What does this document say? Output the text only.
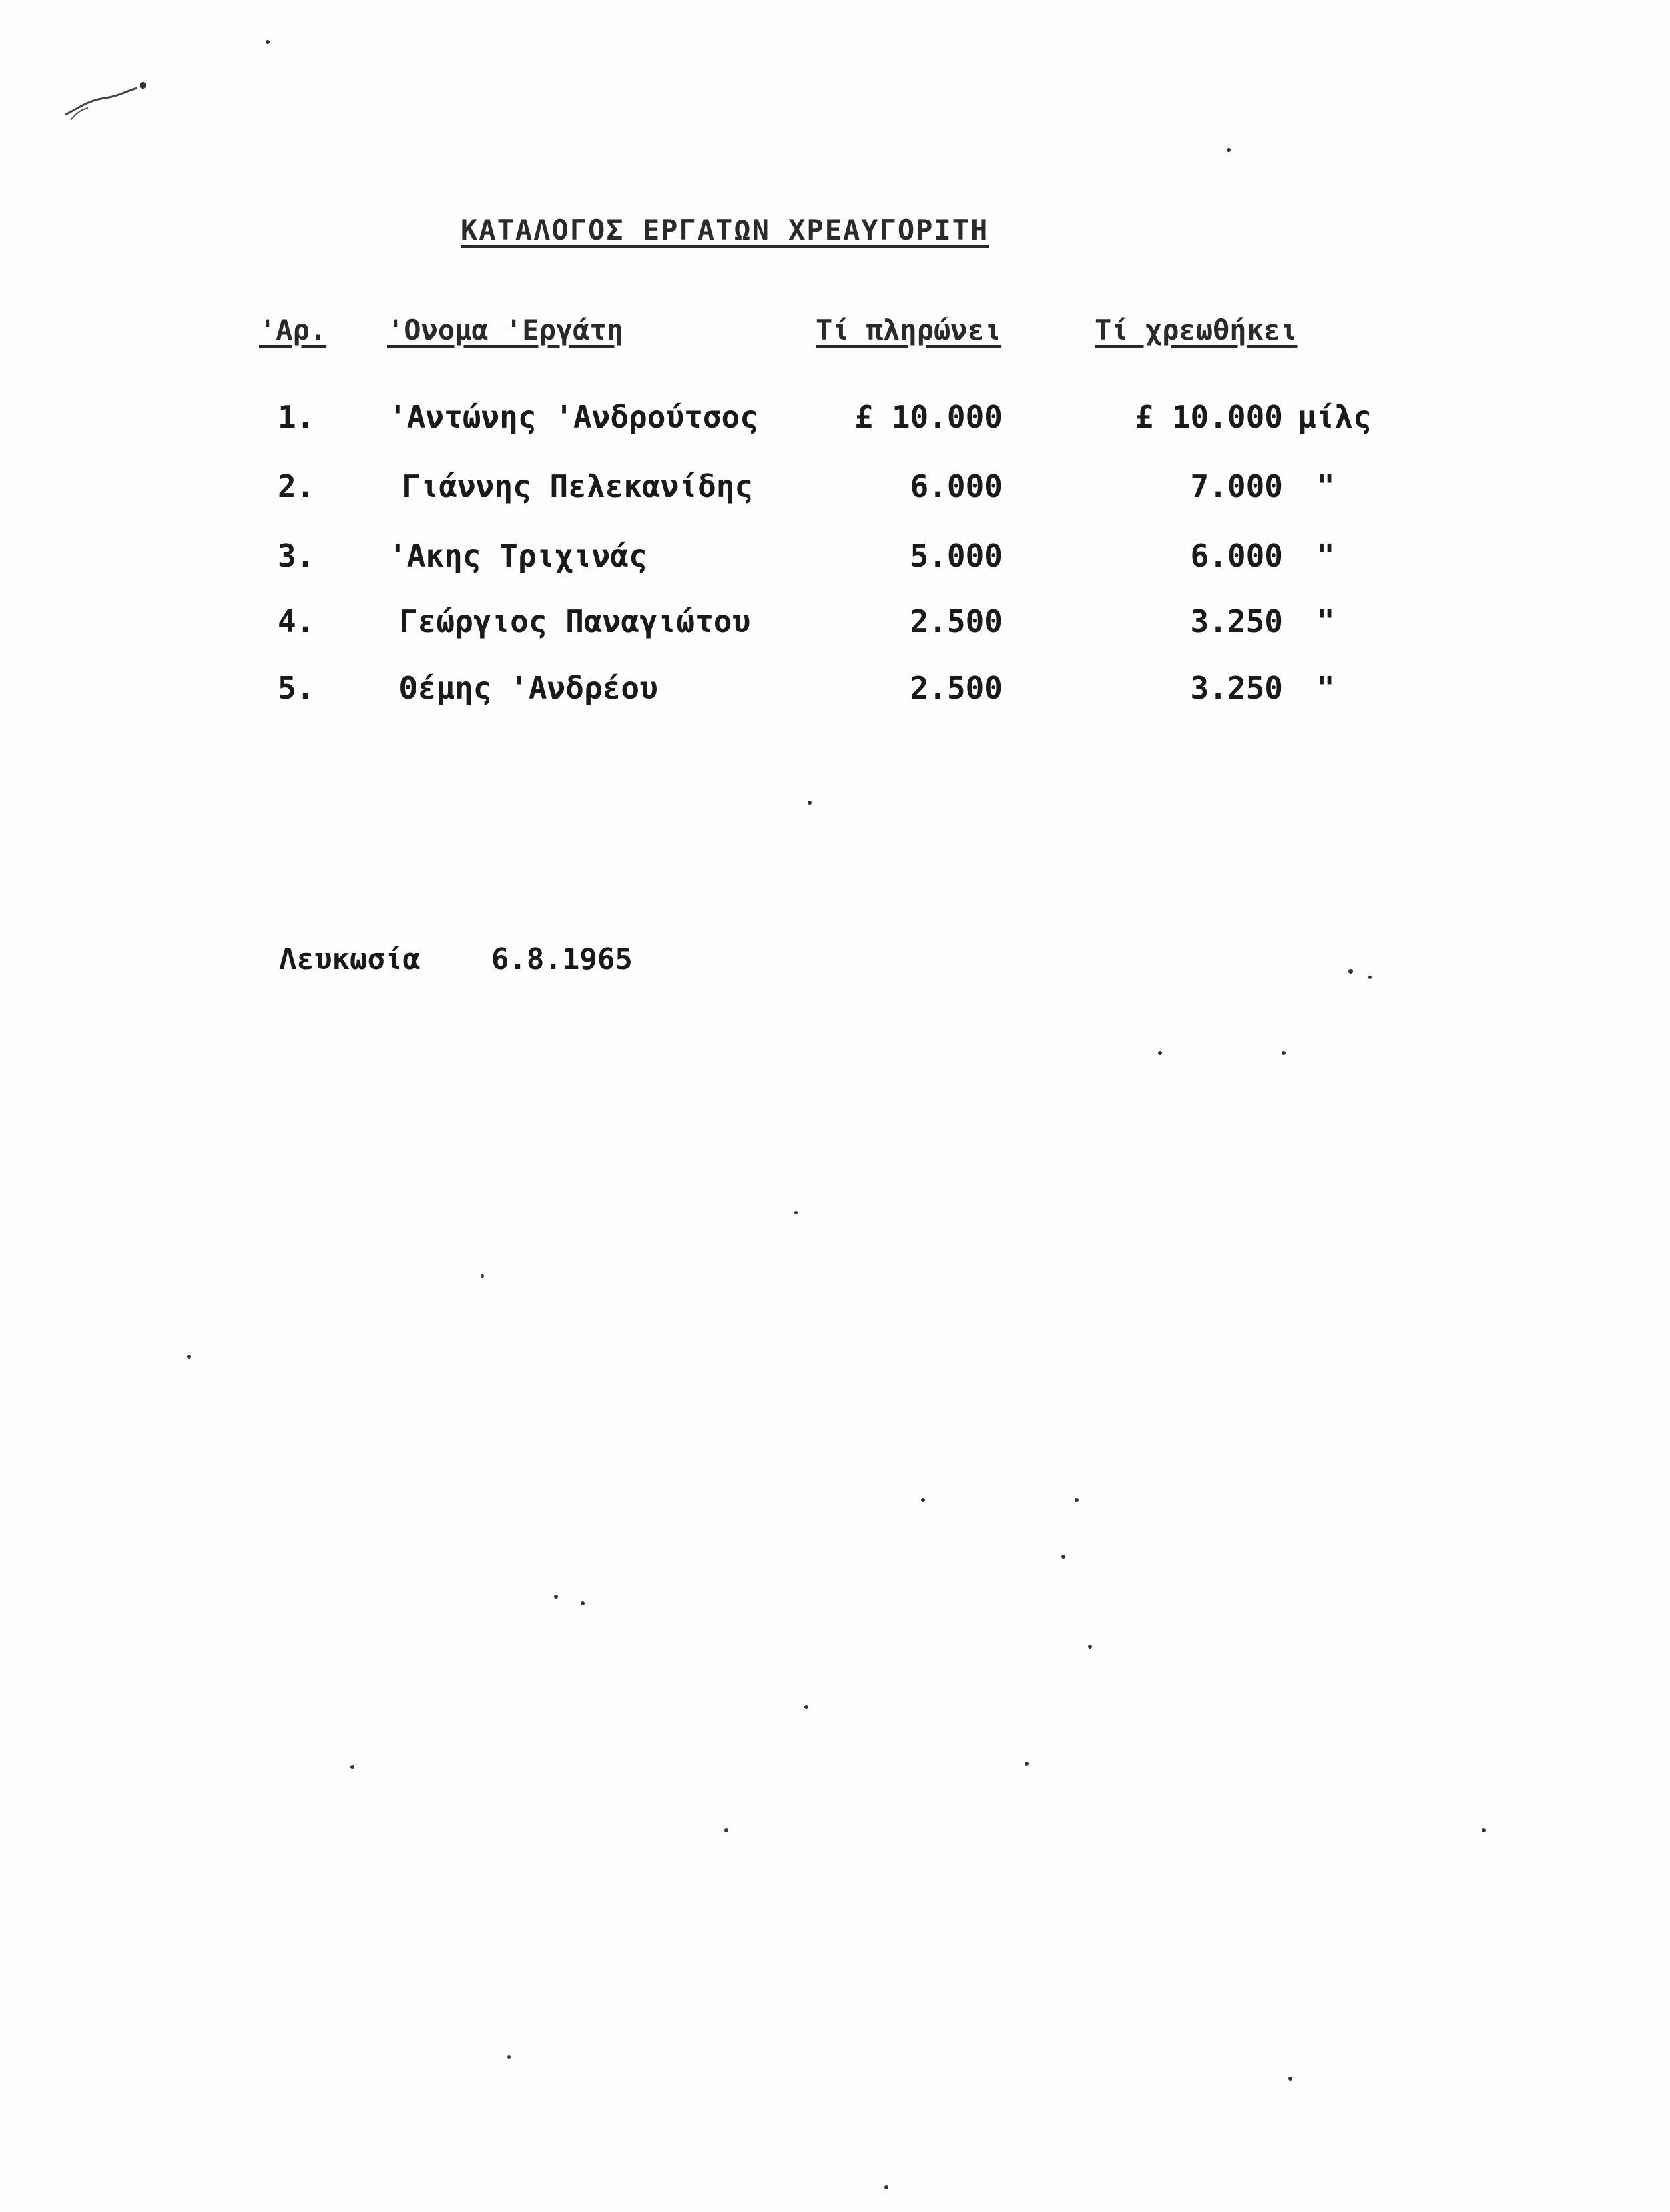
ΚΑΤΑΛΟΓΟΣ ΕΡΓΑΤΩΝ ΧΡΕΑΥΓΟΡΙΤΗ
'Αρ. 'Ονομα 'Εργάτη	Τί πληρώνει	Τί χρεωθήκει
1. 'Αντώνης 'Ανδρούτσος	£ 10.000	£ 10.000 μίλς
2.	Γιάννης Πελεκανίδης	6.000	7.000 "
3. 'Ακης Τριχινάς	5.000	6.000 "
4.	Γεώργιος Παναγιώτου	2.500	3.250 "
5.	Θέμης 'Ανδρέου	2.500	3.250 "
Λευκωσία 6.8.1965
